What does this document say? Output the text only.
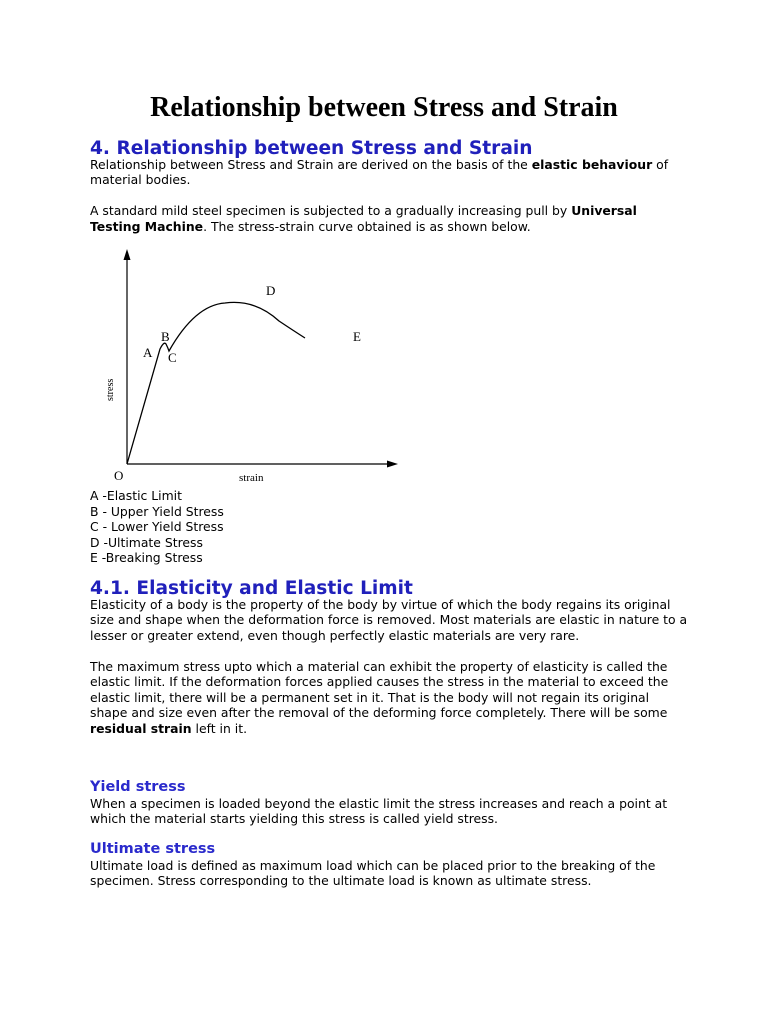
Relationship between Stress and Strain
4. Relationship between Stress and Strain

Relationship between Stress and Strain are derived on the basis of the elastic behaviour of material bodies.

A standard mild steel specimen is subjected to a gradually increasing pull by Universal Testing Machine. The stress-strain curve obtained is as shown below.

O	strain
stress
A
B
C
D
E

A -Elastic Limit

B - Upper Yield Stress

C - Lower Yield Stress

D -Ultimate Stress

E -Breaking Stress

4.1. Elasticity and Elastic Limit

Elasticity of a body is the property of the body by virtue of which the body regains its original size and shape when the deformation force is removed. Most materials are elastic in nature to a lesser or greater extend, even though perfectly elastic materials are very rare.

The maximum stress upto which a material can exhibit the property of elasticity is called the elastic limit. If the deformation forces applied causes the stress in the material to exceed the elastic limit, there will be a permanent set in it. That is the body will not regain its original shape and size even after the removal of the deforming force completely. There will be some residual strain left in it.

Yield stress

When a specimen is loaded beyond the elastic limit the stress increases and reach a point at which the material starts yielding this stress is called yield stress.

Ultimate stress

Ultimate load is defined as maximum load which can be placed prior to the breaking of the specimen. Stress corresponding to the ultimate load is known as ultimate stress.
